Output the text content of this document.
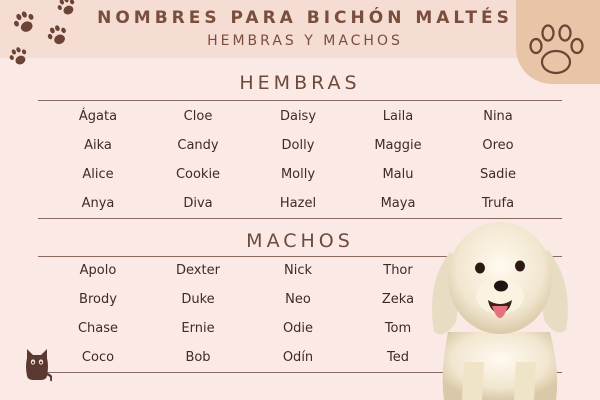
NOMBRES PARA BICHÓN MALTÉS
HEMBRAS Y MACHOS
HEMBRAS
Ágata	Cloe	Daisy	Laila	Nina
Aika	Candy	Dolly	Maggie	Oreo
Alice	Cookie	Molly	Malu	Sadie
Anya	Diva	Hazel	Maya	Trufa
MACHOS
Apolo	Dexter	Nick	Thor
Brody	Duke	Neo	Zeka
Chase	Ernie	Odie	Tom
Coco	Bob	Odín	Ted
